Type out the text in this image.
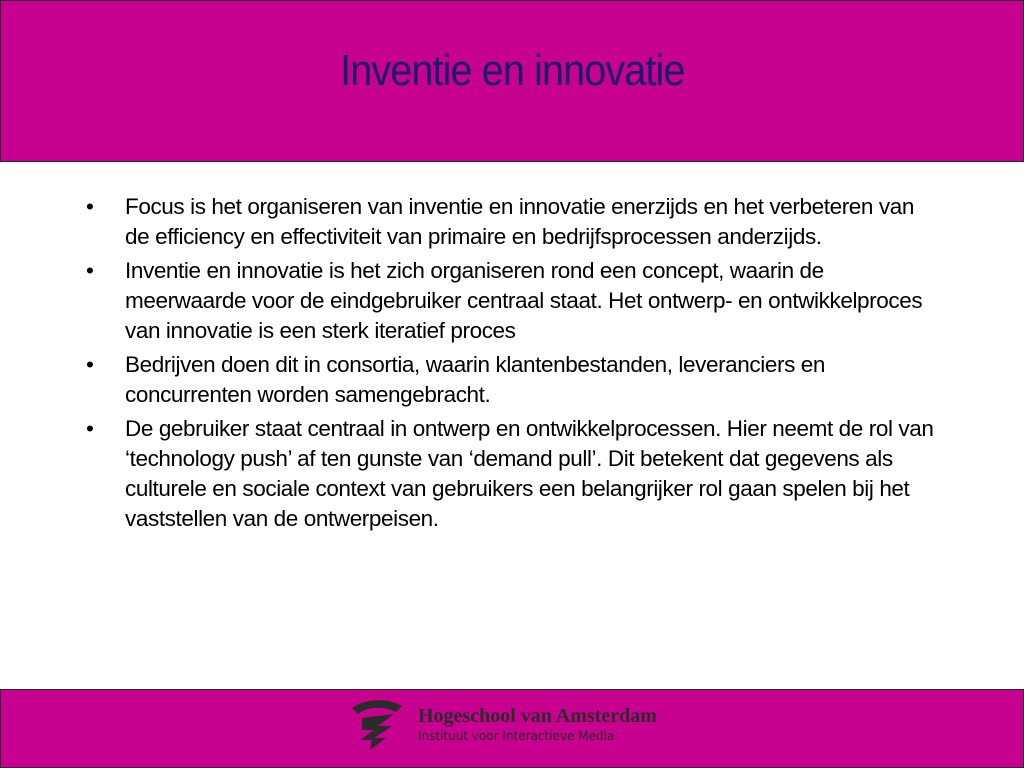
Inventie en innovatie
• Focus is het organiseren van inventie en innovatie enerzijds en het verbeteren van de efficiency en effectiviteit van primaire en bedrijfsprocessen anderzijds.
• Inventie en innovatie is het zich organiseren rond een concept, waarin de meerwaarde voor de eindgebruiker centraal staat. Het ontwerp- en ontwikkelproces van innovatie is een sterk iteratief proces
• Bedrijven doen dit in consortia, waarin klantenbestanden, leveranciers en concurrenten worden samengebracht.
• De gebruiker staat centraal in ontwerp en ontwikkelprocessen. Hier neemt de rol van ‘technology push’ af ten gunste van ‘demand pull’. Dit betekent dat gegevens als culturele en sociale context van gebruikers een belangrijker rol gaan spelen bij het vaststellen van de ontwerpeisen.
Hogeschool van Amsterdam
Instituut voor Interactieve Media
